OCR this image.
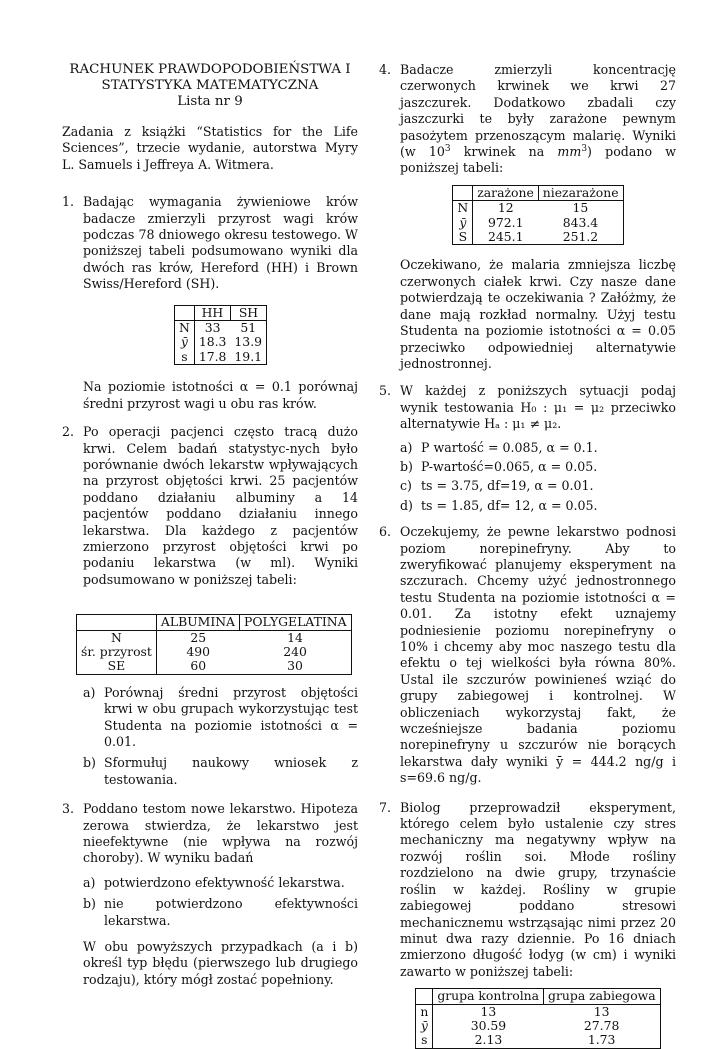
RACHUNEK PRAWDOPODOBIEŃSTWA I

STATYSTYKA MATEMATYCZNA

Lista nr 9

Zadania z książki “Statistics for the Life Sciences”, trzecie wydanie, autorstwa Myry L. Samuels i Jeffreya A. Witmera.

1. Badając wymagania żywieniowe krów badacze zmierzyli przyrost wagi krów podczas 78 dniowego okresu testowego. W poniższej tabeli podsumowano wyniki dla dwóch ras krów, Hereford (HH) i Brown Swiss/Hereford (SH).

	HH	SH
N	33	51
ȳ	18.3	13.9
s	17.8	19.1

Na poziomie istotności α = 0.1 porównaj średni przyrost wagi u obu ras krów.

2. Po operacji pacjenci często tracą dużo krwi. Celem badań statystyc-nych było porównanie dwóch lekarstw wpływających na przyrost objętości krwi. 25 pacjentów poddano działaniu albuminy a 14 pacjentów poddano działaniu innego lekarstwa. Dla każdego z pacjentów zmierzono przyrost objętości krwi po podaniu lekarstwa (w ml). Wyniki podsumowano w poniższej tabeli:

	ALBUMINA	POLYGELATINA
N	25	14
śr. przyrost	490	240
SE	60	30
a) Porównaj średni przyrost objętości krwi w obu grupach wykorzystując test Studenta na poziomie istotności α = 0.01.

b) Sformułuj naukowy wniosek z testowania.

3. Poddano testom nowe lekarstwo. Hipoteza zerowa stwierdza, że lekarstwo jest nieefektywne (nie wpływa na rozwój choroby). W wyniku badań

a) potwierdzono efektywność lekarstwa.

b) nie potwierdzono efektywności lekarstwa.

W obu powyższych przypadkach (a i b) określ typ błędu (pierwszego lub drugiego rodzaju), który mógł zostać popełniony.

4. Badacze zmierzyli koncentrację czerwonych krwinek we krwi 27 jaszczurek. Dodatkowo zbadali czy jaszczurki te były zarażone pewnym pasożytem przenoszącym malarię. Wyniki (w $10^3$ krwinek na $mm^3$) podano w poniższej tabeli:

	zarażone	niezarażone
N	12	15
ȳ	972.1	843.4
S	245.1	251.2

Oczekiwano, że malaria zmniejsza liczbę czerwonych ciałek krwi. Czy nasze dane potwierdzają te oczekiwania ? Załóżmy, że dane mają rozkład normalny. Użyj testu Studenta na poziomie istotności α = 0.05 przeciwko odpowiedniej alternatywie jednostronnej.

5. W każdej z poniższych sytuacji podaj wynik testowania H₀ : μ₁ = μ₂ przeciwko alternatywie Hₐ : μ₁ ≠ μ₂.

a) P wartość = 0.085, α = 0.1.

b) P-wartość=0.065, α = 0.05.

c) ts = 3.75, df=19, α = 0.01.

d) ts = 1.85, df= 12, α = 0.05.

6. Oczekujemy, że pewne lekarstwo podnosi poziom norepinefryny. Aby to zweryfikować planujemy eksperyment na szczurach. Chcemy użyć jednostronnego testu Studenta na poziomie istotności α = 0.01. Za istotny efekt uznajemy podniesienie poziomu norepinefryny o 10% i chcemy aby moc naszego testu dla efektu o tej wielkości była równa 80%. Ustal ile szczurów powinieneś wziąć do grupy zabiegowej i kontrolnej. W obliczeniach wykorzystaj fakt, że wcześniejsze badania poziomu norepinefryny u szczurów nie borących lekarstwa dały wyniki ȳ = 444.2 ng/g i s=69.6 ng/g.

7. Biolog przeprowadził eksperyment, którego celem było ustalenie czy stres mechaniczny ma negatywny wpływ na rozwój roślin soi. Młode rośliny rozdzielono na dwie grupy, trzynaście roślin w każdej. Rośliny w grupie zabiegowej poddano stresowi mechanicznemu wstrząsając nimi przez 20 minut dwa razy dziennie. Po 16 dniach zmierzono długość łodyg (w cm) i wyniki zawarto w poniższej tabeli:

	grupa kontrolna	grupa zabiegowa
n	13	13
ȳ	30.59	27.78
s	2.13	1.73
